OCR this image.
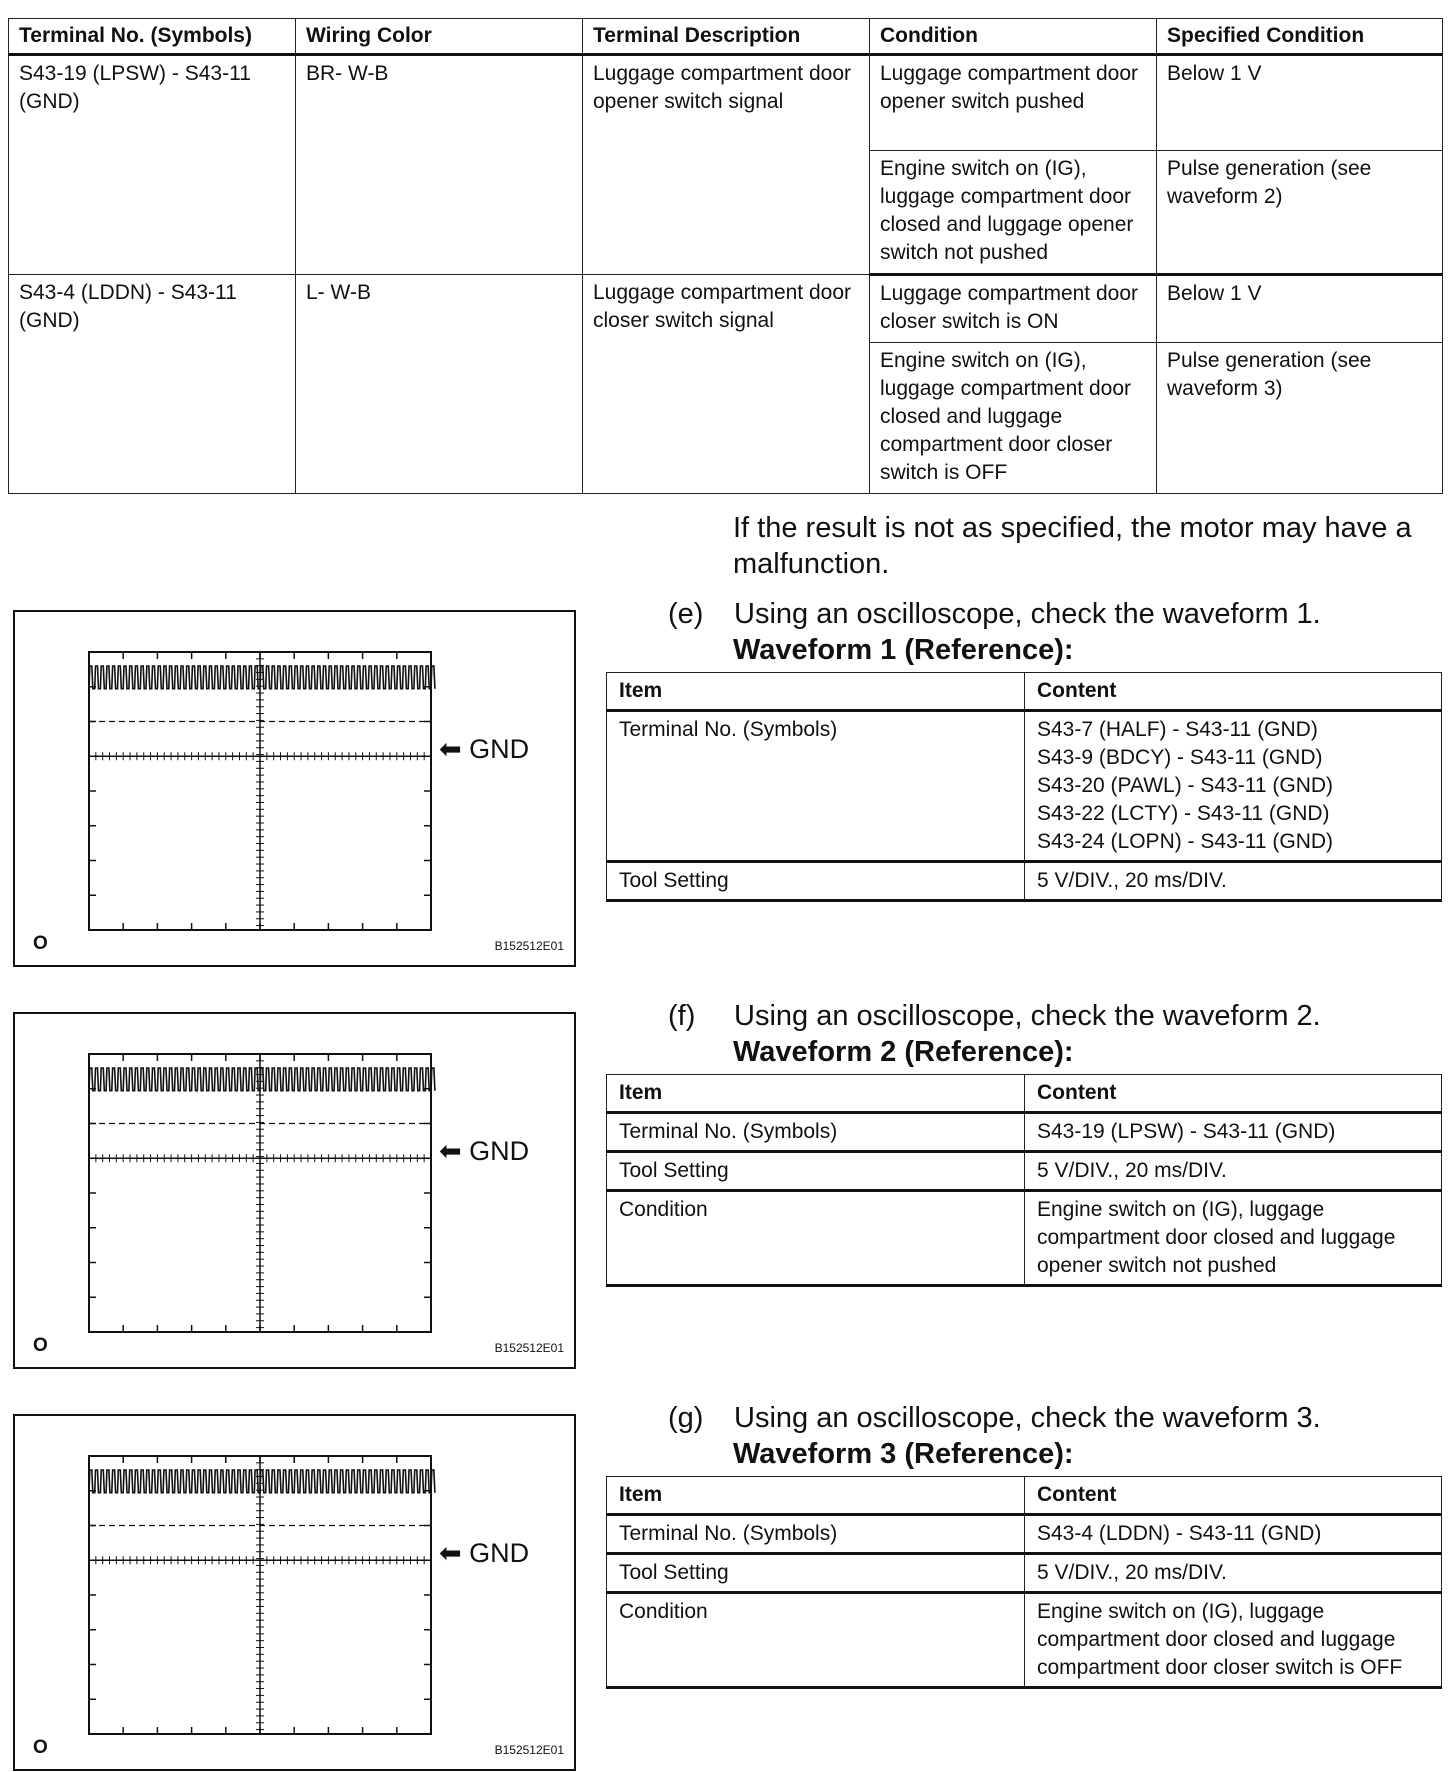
Terminal No. (Symbols)	Wiring Color	Terminal Description	Condition	Specified Condition
S43-19 (LPSW) - S43-11 (GND)	BR- W-B	Luggage compartment door opener switch signal	Luggage compartment door opener switch pushed	Below 1 V
			Engine switch on (IG), luggage compartment door closed and luggage opener switch not pushed	Pulse generation (see waveform 2)
S43-4 (LDDN) - S43-11 (GND)	L- W-B	Luggage compartment door closer switch signal	Luggage compartment door closer switch is ON	Below 1 V
			Engine switch on (IG), luggage compartment door closed and luggage compartment door closer switch is OFF	Pulse generation (see waveform 3)
If the result is not as specified, the motor may have a malfunction.
⬅ GND
O	B152512E01
(e) Using an oscilloscope, check the waveform 1.
Waveform 1 (Reference):
Item	Content
Terminal No. (Symbols)	S43-7 (HALF) - S43-11 (GND)
S43-9 (BDCY) - S43-11 (GND)
S43-20 (PAWL) - S43-11 (GND)
S43-22 (LCTY) - S43-11 (GND)
S43-24 (LOPN) - S43-11 (GND)

Tool Setting	5 V/DIV., 20 ms/DIV.
⬅ GND
O	B152512E01
(f) Using an oscilloscope, check the waveform 2.
Waveform 2 (Reference):
Item	Content
Terminal No. (Symbols)	S43-19 (LPSW) - S43-11 (GND)
Tool Setting	5 V/DIV., 20 ms/DIV.
Condition	Engine switch on (IG), luggage compartment door closed and luggage opener switch not pushed
⬅ GND
O	B152512E01
(g) Using an oscilloscope, check the waveform 3.
Waveform 3 (Reference):
Item	Content
Terminal No. (Symbols)	S43-4 (LDDN) - S43-11 (GND)
Tool Setting	5 V/DIV., 20 ms/DIV.
Condition	Engine switch on (IG), luggage compartment door closed and luggage compartment door closer switch is OFF
